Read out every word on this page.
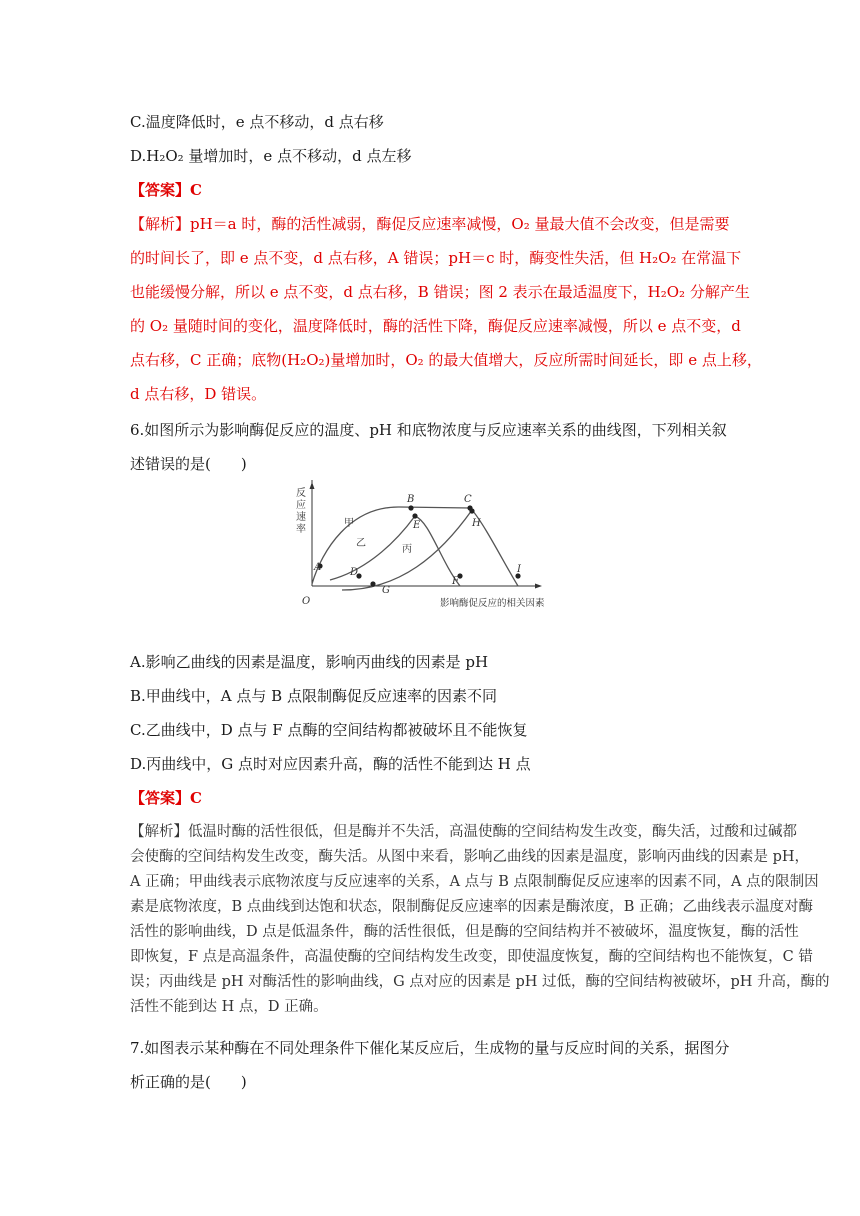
C.温度降低时，e 点不移动，d 点右移
D.H₂O₂ 量增加时，e 点不移动，d 点左移
【答案】C
【解析】pH＝a 时，酶的活性减弱，酶促反应速率减慢，O₂ 量最大值不会改变，但是需要
的时间长了，即 e 点不变，d 点右移，A 错误；pH＝c 时，酶变性失活，但 H₂O₂ 在常温下
也能缓慢分解，所以 e 点不变，d 点右移，B 错误；图 2 表示在最适温度下，H₂O₂ 分解产生
的 O₂ 量随时间的变化，温度降低时，酶的活性下降，酶促反应速率减慢，所以 e 点不变，d
点右移，C 正确；底物(H₂O₂)量增加时，O₂ 的最大值增大，反应所需时间延长，即 e 点上移，
d 点右移，D 错误。
6.如图所示为影响酶促反应的温度、pH 和底物浓度与反应速率关系的曲线图，下列相关叙
述错误的是(　　)
反应速率
影响酶促反应的相关因素
O
甲
乙
丙
A
B	C
D
E
F
G
H
I
A.影响乙曲线的因素是温度，影响丙曲线的因素是 pH
B.甲曲线中，A 点与 B 点限制酶促反应速率的因素不同
C.乙曲线中，D 点与 F 点酶的空间结构都被破坏且不能恢复
D.丙曲线中，G 点时对应因素升高，酶的活性不能到达 H 点
【答案】C
【解析】低温时酶的活性很低，但是酶并不失活，高温使酶的空间结构发生改变，酶失活，过酸和过碱都
会使酶的空间结构发生改变，酶失活。从图中来看，影响乙曲线的因素是温度，影响丙曲线的因素是 pH，
A 正确；甲曲线表示底物浓度与反应速率的关系，A 点与 B 点限制酶促反应速率的因素不同，A 点的限制因
素是底物浓度，B 点曲线到达饱和状态，限制酶促反应速率的因素是酶浓度，B 正确；乙曲线表示温度对酶
活性的影响曲线，D 点是低温条件，酶的活性很低，但是酶的空间结构并不被破坏，温度恢复，酶的活性
即恢复，F 点是高温条件，高温使酶的空间结构发生改变，即使温度恢复，酶的空间结构也不能恢复，C 错
误；丙曲线是 pH 对酶活性的影响曲线，G 点对应的因素是 pH 过低，酶的空间结构被破坏，pH 升高，酶的
活性不能到达 H 点，D 正确。
7.如图表示某种酶在不同处理条件下催化某反应后，生成物的量与反应时间的关系，据图分
析正确的是(　　)
